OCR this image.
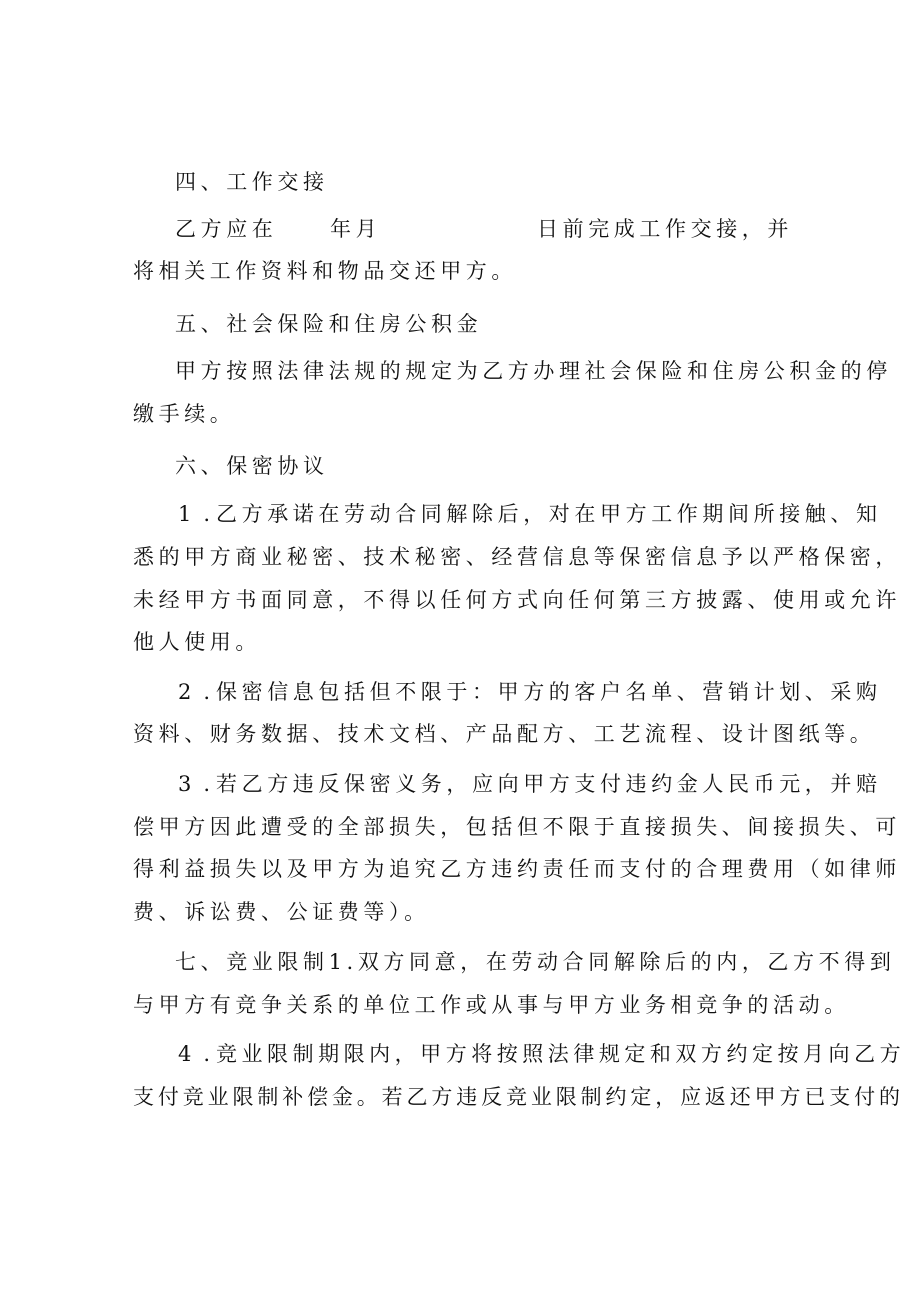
四、工作交接
乙方应在	年月	日前完成工作交接，并
将相关工作资料和物品交还甲方。
五、社会保险和住房公积金
甲方按照法律法规的规定为乙方办理社会保险和住房公积金的停
缴手续。
六、保密协议
1.
乙方承诺在劳动合同解除后，对在甲方工作期间所接触、知
悉的甲方商业秘密、技术秘密、经营信息等保密信息予以严格保密，
未经甲方书面同意，不得以任何方式向任何第三方披露、使用或允许
他人使用。
2.
保密信息包括但不限于：甲方的客户名单、营销计划、采购
资料、财务数据、技术文档、产品配方、工艺流程、设计图纸等。
3.
若乙方违反保密义务，应向甲方支付违约金人民币元，并赔
偿甲方因此遭受的全部损失，包括但不限于直接损失、间接损失、可
得利益损失以及甲方为追究乙方违约责任而支付的合理费用（如律师
费、诉讼费、公证费等）。
七、竞业限制1.双方同意，在劳动合同解除后的内，乙方不得到
与甲方有竞争关系的单位工作或从事与甲方业务相竞争的活动。
4.
竞业限制期限内，甲方将按照法律规定和双方约定按月向乙方
支付竞业限制补偿金。若乙方违反竞业限制约定，应返还甲方已支付的
